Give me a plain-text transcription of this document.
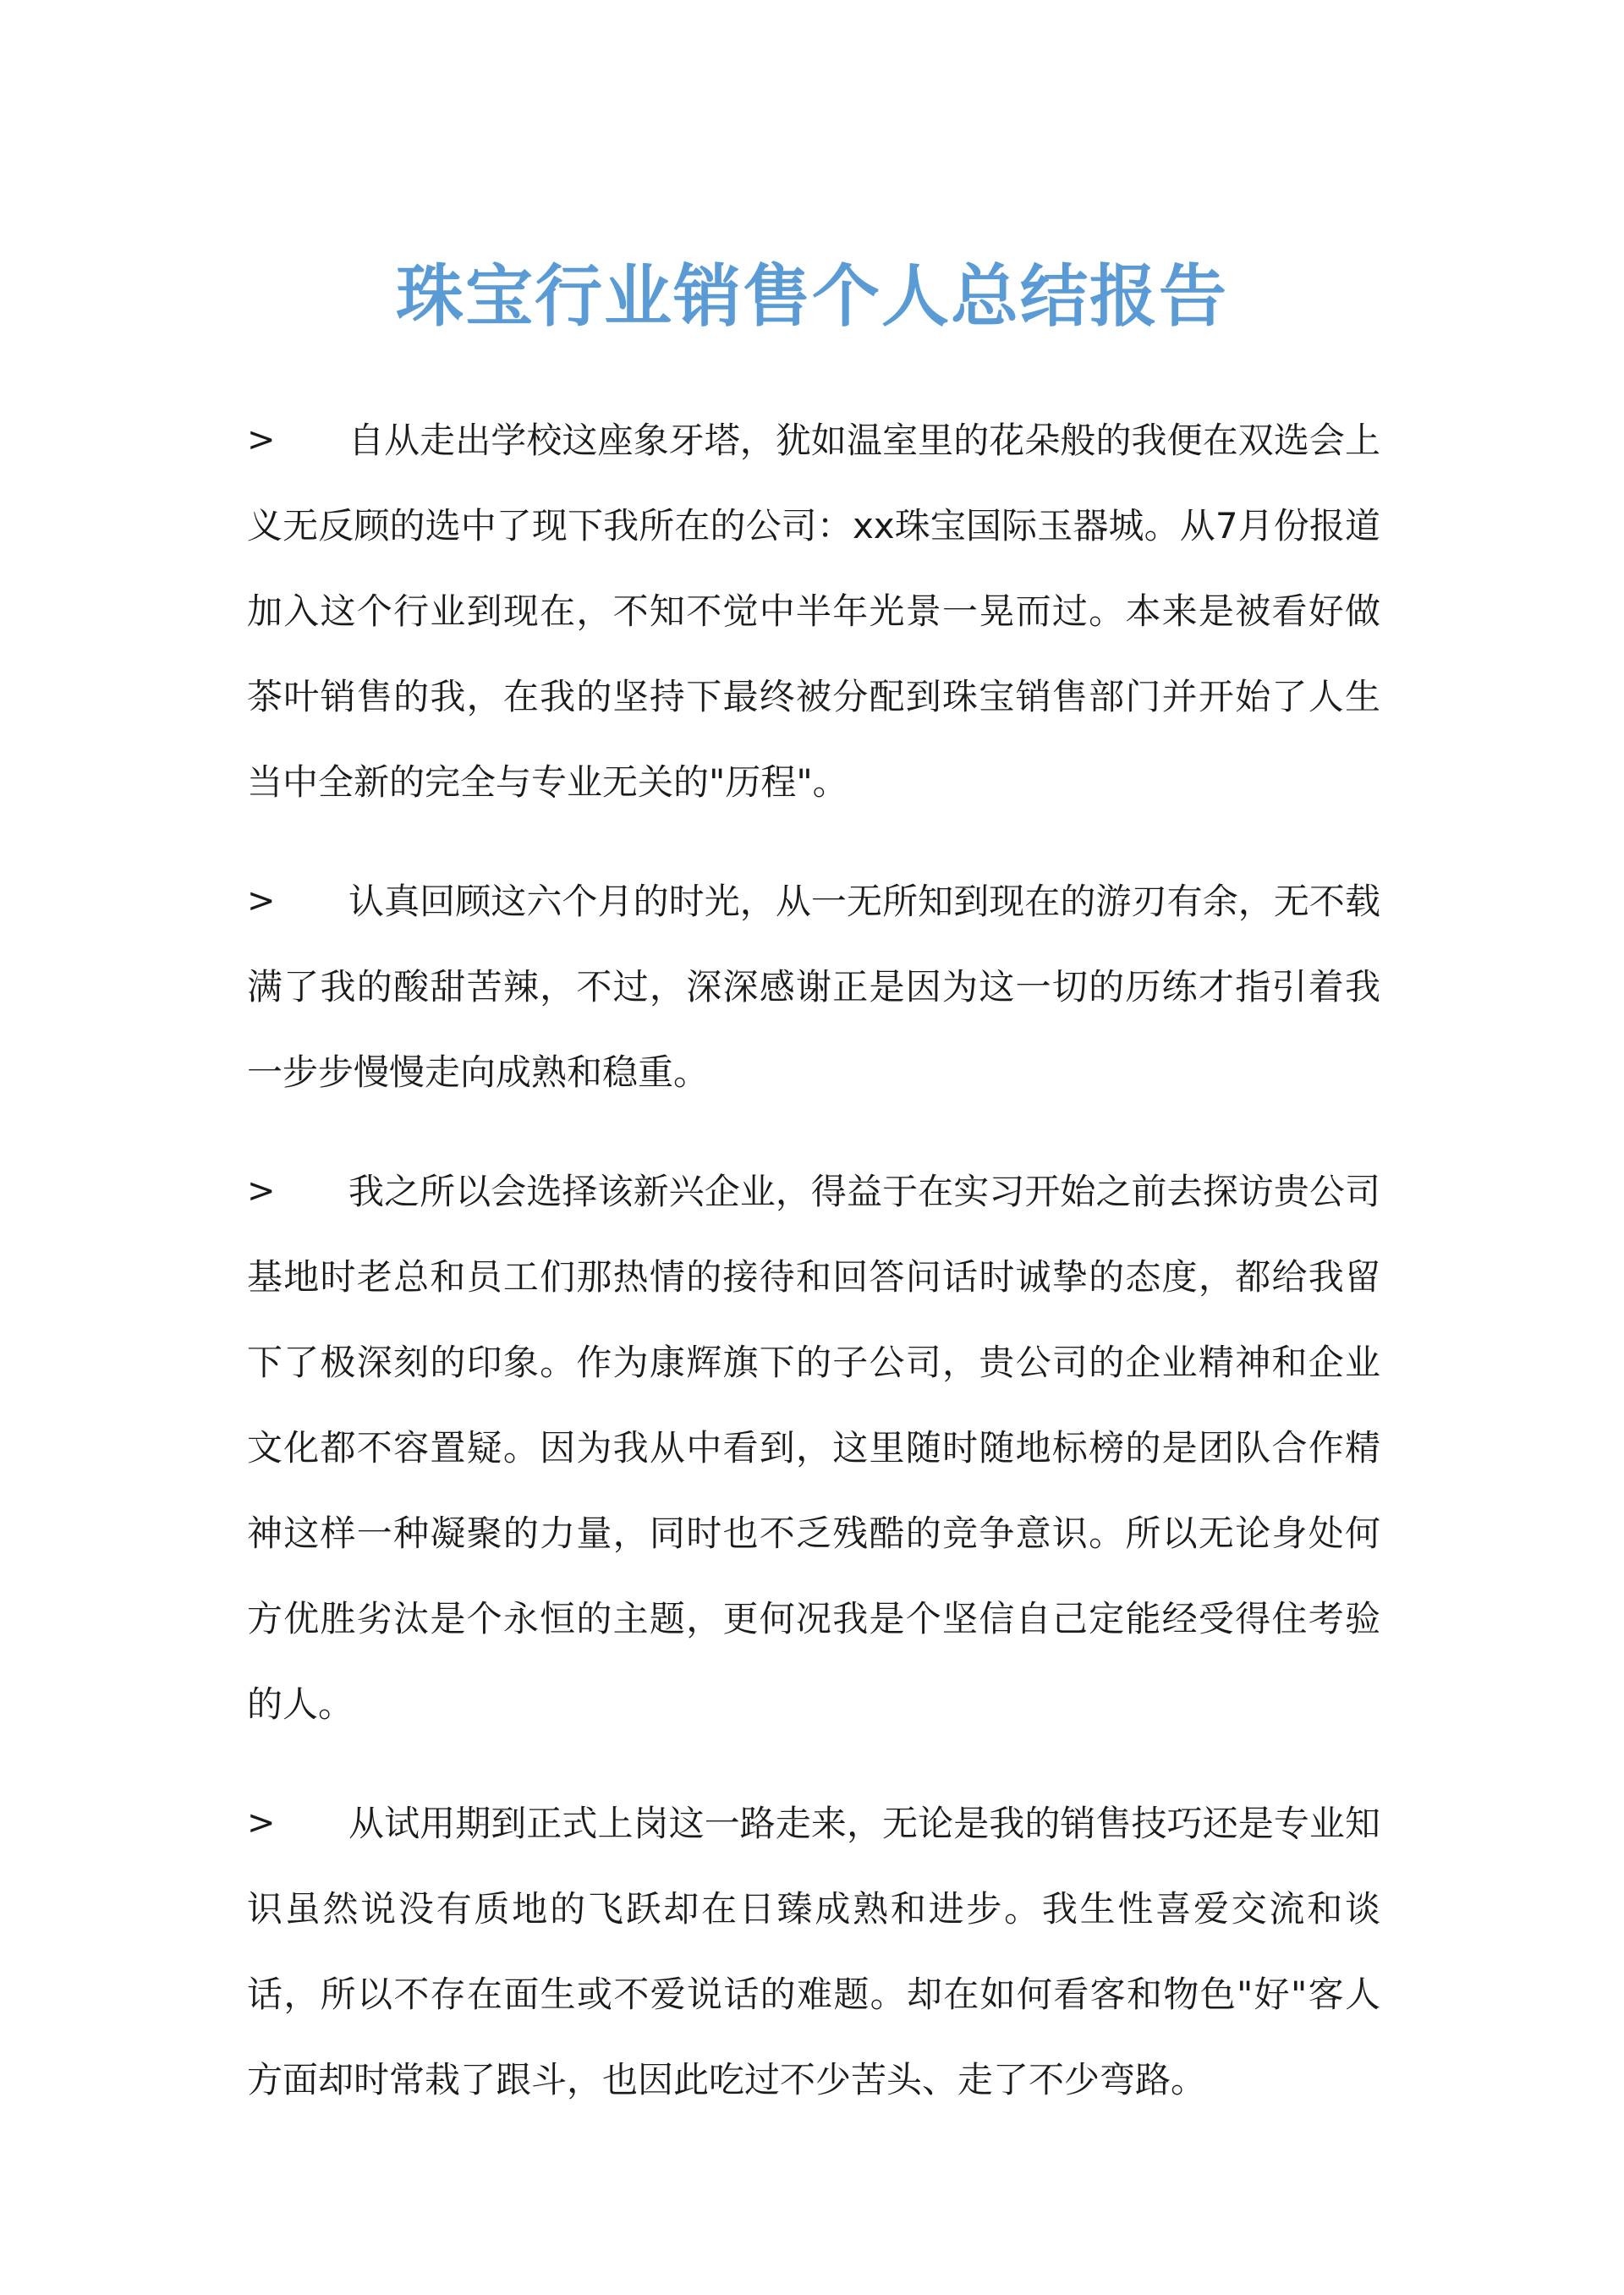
珠宝行业销售个人总结报告

> 自从走出学校这座象牙塔，犹如温室里的花朵般的我便在双选会上义无反顾的选中了现下我所在的公司：xx珠宝国际玉器城。从7月份报道加入这个行业到现在，不知不觉中半年光景一晃而过。本来是被看好做茶叶销售的我，在我的坚持下最终被分配到珠宝销售部门并开始了人生当中全新的完全与专业无关的"历程"。

> 认真回顾这六个月的时光，从一无所知到现在的游刃有余，无不载满了我的酸甜苦辣，不过，深深感谢正是因为这一切的历练才指引着我一步步慢慢走向成熟和稳重。

> 我之所以会选择该新兴企业，得益于在实习开始之前去探访贵公司基地时老总和员工们那热情的接待和回答问话时诚挚的态度，都给我留下了极深刻的印象。作为康辉旗下的子公司，贵公司的企业精神和企业文化都不容置疑。因为我从中看到，这里随时随地标榜的是团队合作精神这样一种凝聚的力量，同时也不乏残酷的竞争意识。所以无论身处何方优胜劣汰是个永恒的主题，更何况我是个坚信自己定能经受得住考验的人。

> 从试用期到正式上岗这一路走来，无论是我的销售技巧还是专业知识虽然说没有质地的飞跃却在日臻成熟和进步。我生性喜爱交流和谈话，所以不存在面生或不爱说话的难题。却在如何看客和物色"好"客人方面却时常栽了跟斗，也因此吃过不少苦头、走了不少弯路。
